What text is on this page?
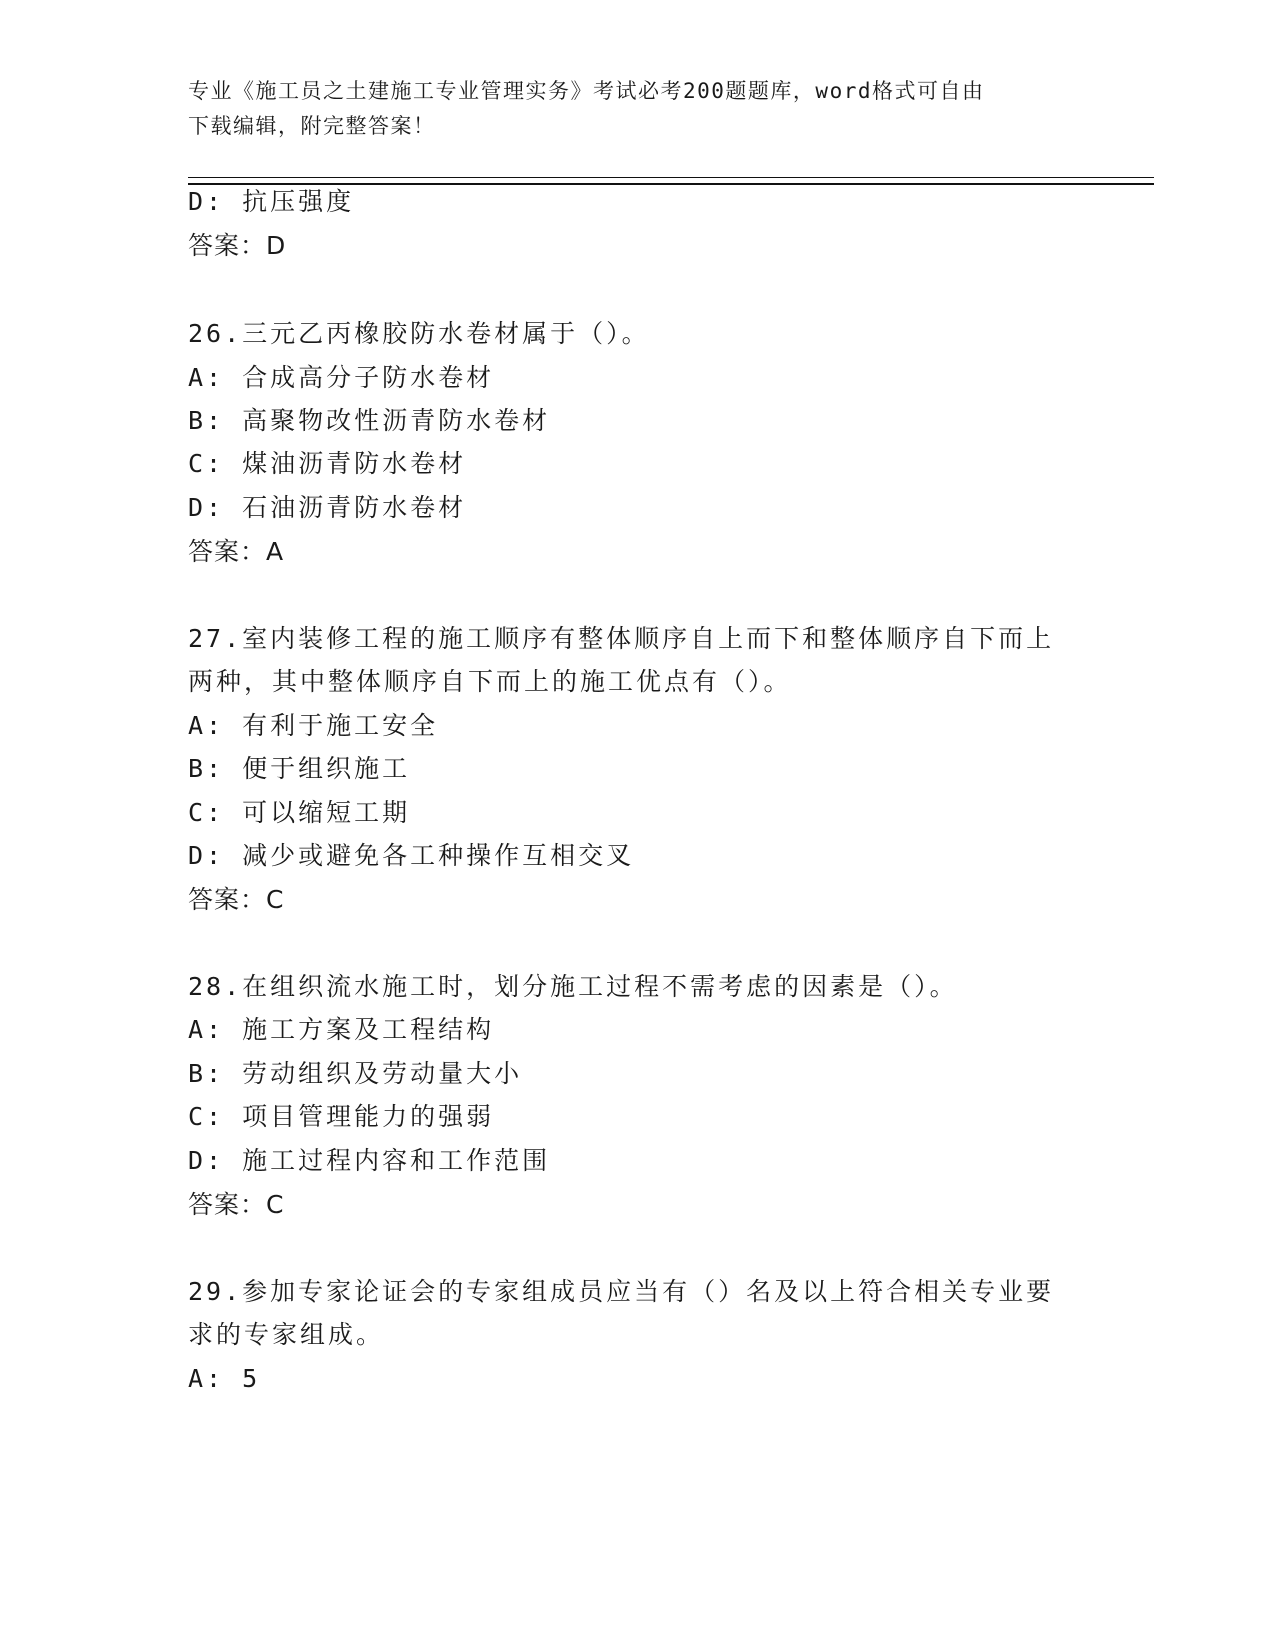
专业《施工员之土建施工专业管理实务》考试必考200题题库，word格式可自由
下载编辑，附完整答案！
D: 抗压强度
答案：D
26.三元乙丙橡胶防水卷材属于（）。
A: 合成高分子防水卷材
B: 高聚物改性沥青防水卷材
C: 煤油沥青防水卷材
D: 石油沥青防水卷材
答案：A
27.室内装修工程的施工顺序有整体顺序自上而下和整体顺序自下而上
两种，其中整体顺序自下而上的施工优点有（）。
A: 有利于施工安全
B: 便于组织施工
C: 可以缩短工期
D: 减少或避免各工种操作互相交叉
答案：C
28.在组织流水施工时，划分施工过程不需考虑的因素是（）。
A: 施工方案及工程结构
B: 劳动组织及劳动量大小
C: 项目管理能力的强弱
D: 施工过程内容和工作范围
答案：C
29.参加专家论证会的专家组成员应当有（）名及以上符合相关专业要
求的专家组成。
A: 5
